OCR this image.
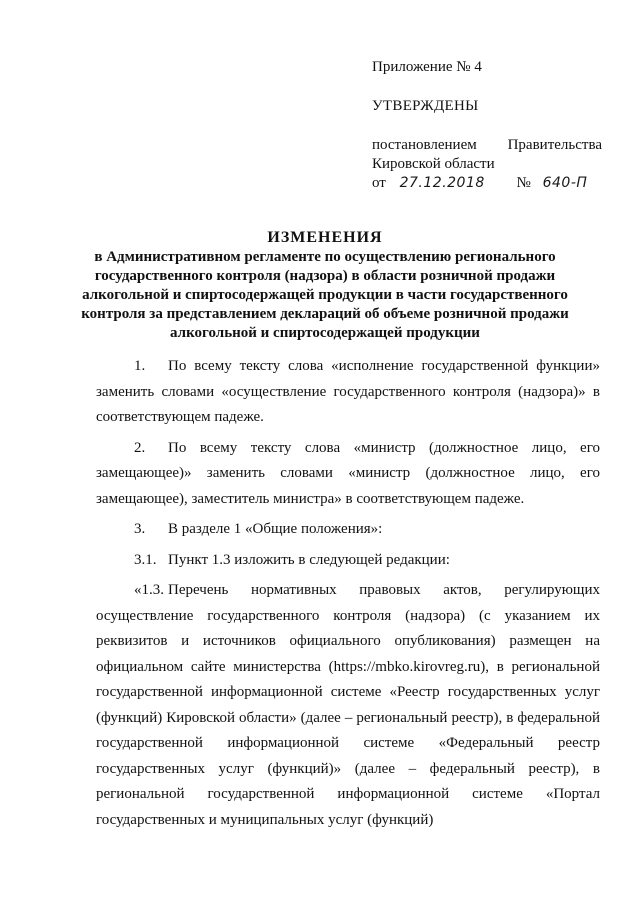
Приложение № 4
УТВЕРЖДЕНЫ
постановлением Правительства
Кировской области
от 27.12.2018 № 640-П
ИЗМЕНЕНИЯ
в Административном регламенте по осуществлению регионального
государственного контроля (надзора) в области розничной продажи
алкогольной и спиртосодержащей продукции в части государственного
контроля за представлением деклараций об объеме розничной продажи
алкогольной и спиртосодержащей продукции

1. По всему тексту слова «исполнение государственной функции» заменить словами «осуществление государственного контроля (надзора)» в соответствующем падеже.

2. По всему тексту слова «министр (должностное лицо, его замещающее)» заменить словами «министр (должностное лицо, его замещающее), заместитель министра» в соответствующем падеже.

3. В разделе 1 «Общие положения»:

3.1. Пункт 1.3 изложить в следующей редакции:

«1.3. Перечень нормативных правовых актов, регулирующих осуществление государственного контроля (надзора) (с указанием их реквизитов и источников официального опубликования) размещен на официальном сайте министерства (https://mbko.kirovreg.ru), в региональной государственной информационной системе «Реестр государственных услуг (функций) Кировской области» (далее – региональный реестр), в федеральной государственной информационной системе «Федеральный реестр государственных услуг (функций)» (далее – федеральный реестр), в региональной государственной информационной системе «Портал государственных и муниципальных услуг (функций)
